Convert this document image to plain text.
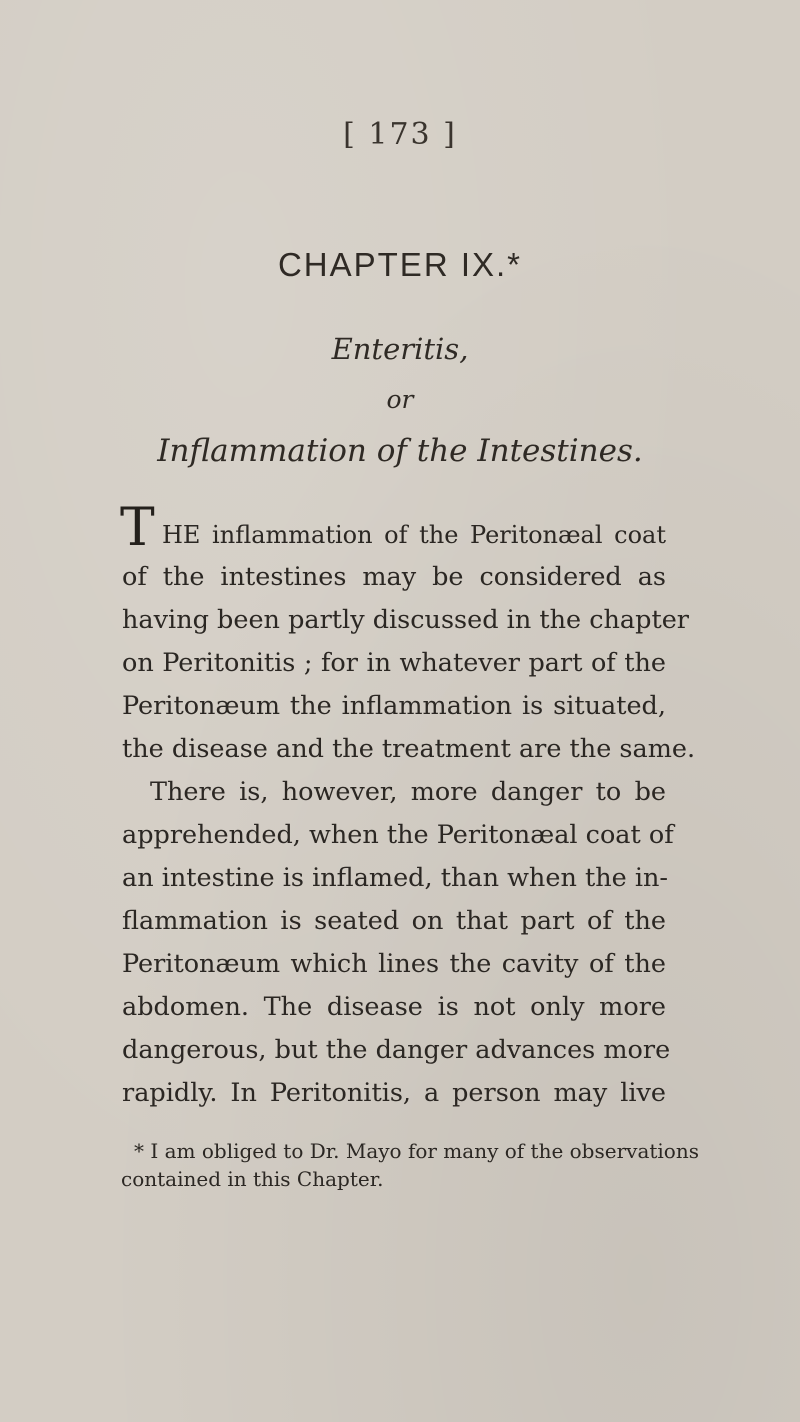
[ 173 ]
CHAPTER IX.*
Enteritis,
or
Inflammation of the Intestines.
T HE inflammation of the Peritonæal coat
of the intestines may be considered as
having been partly discussed in the chapter
on Peritonitis ; for in whatever part of the
Peritonæum the inflammation is situated,
the disease and the treatment are the same.
There is, however, more danger to be
apprehended, when the Peritonæal coat of
an intestine is inflamed, than when the in-
flammation is seated on that part of the
Peritonæum which lines the cavity of the
abdomen. The disease is not only more
dangerous, but the danger advances more
rapidly. In Peritonitis, a person may live
* I am obliged to Dr. Mayo for many of the observations
contained in this Chapter.
